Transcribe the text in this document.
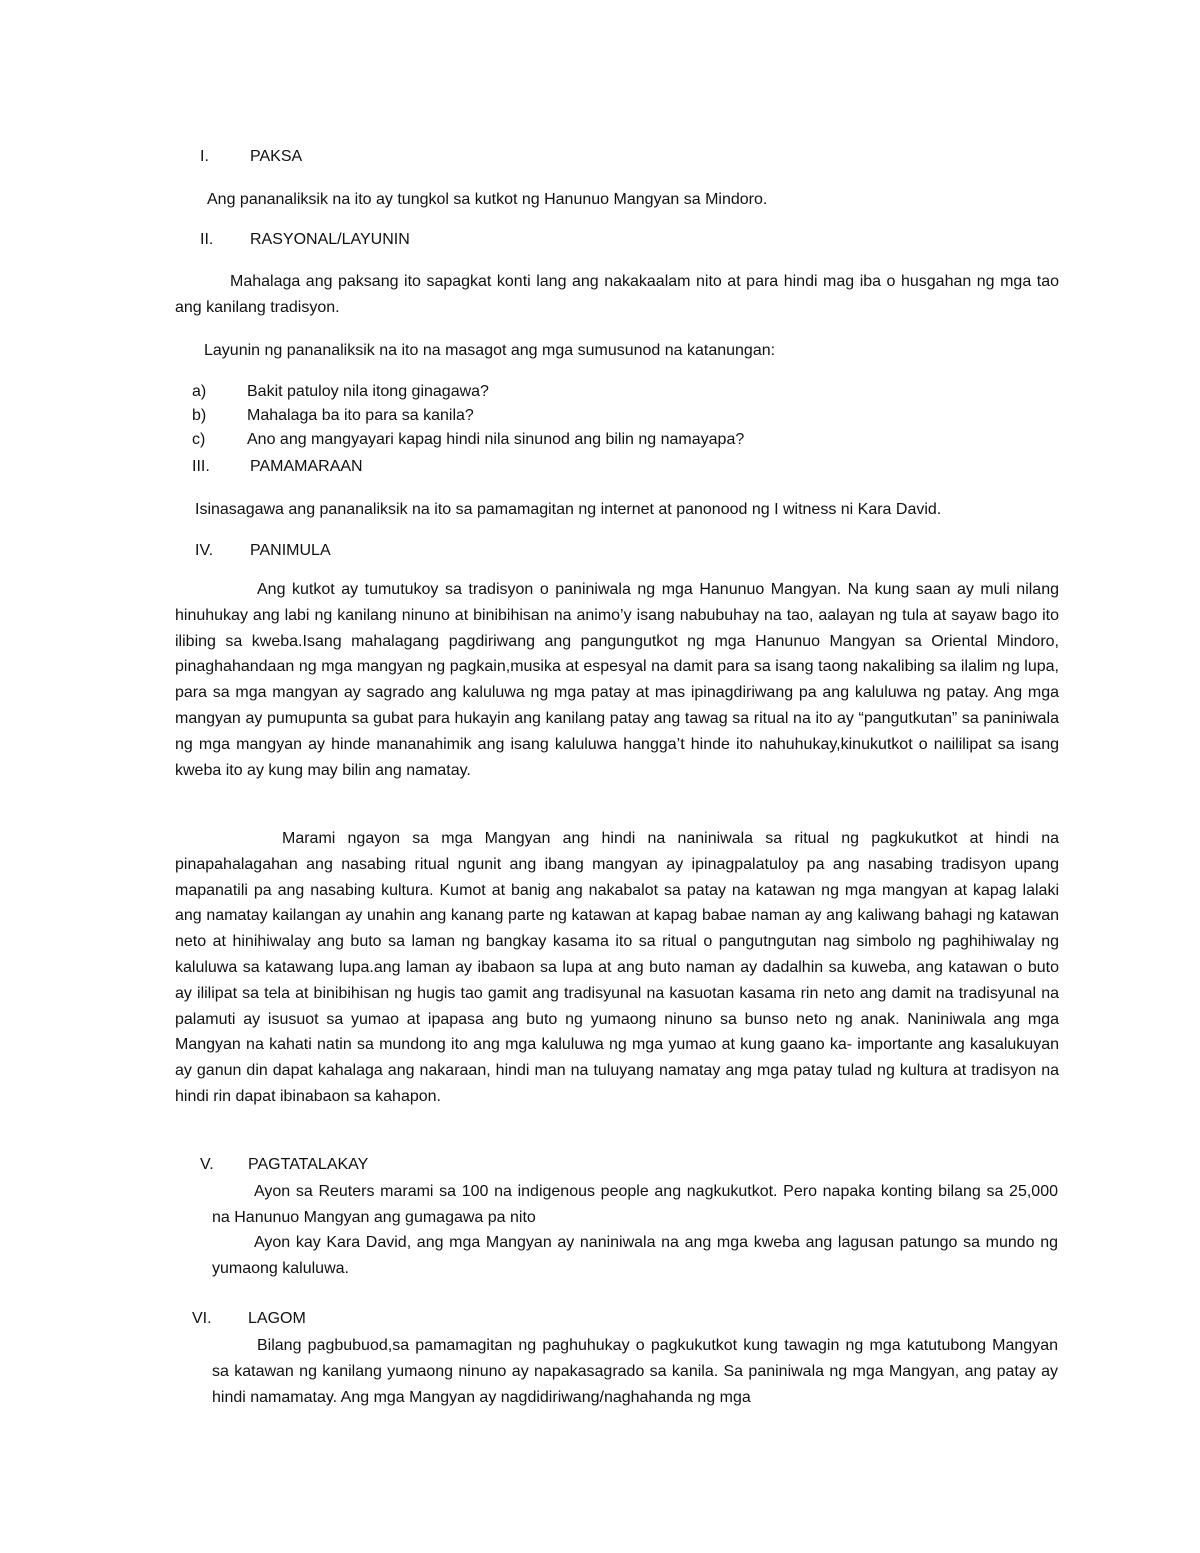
I.	PAKSA

Ang pananaliksik na ito ay tungkol sa kutkot ng Hanunuo Mangyan sa Mindoro.

II. RASYONAL/LAYUNIN

Mahalaga ang paksang ito sapagkat konti lang ang nakakaalam nito at para hindi mag iba o husgahan ng mga tao ang kanilang tradisyon.

Layunin ng pananaliksik na ito na masagot ang mga sumusunod na katanungan:

a)	Bakit patuloy nila itong ginagawa?
b)	Mahalaga ba ito para sa kanila?
c)	Ano ang mangyayari kapag hindi nila sinunod ang bilin ng namayapa?
III.	PAMAMARAAN

Isinasagawa ang pananaliksik na ito sa pamamagitan ng internet at panonood ng I witness ni Kara David.

IV. PANIMULA

Ang kutkot ay tumutukoy sa tradisyon o paniniwala ng mga Hanunuo Mangyan. Na kung saan ay muli nilang hinuhukay ang labi ng kanilang ninuno at binibihisan na animo’y isang nabubuhay na tao, aalayan ng tula at sayaw bago ito ilibing sa kweba.Isang mahalagang pagdiriwang ang pangungutkot ng mga Hanunuo Mangyan sa Oriental Mindoro, pinaghahandaan ng mga mangyan ng pagkain,musika at espesyal na damit para sa isang taong nakalibing sa ilalim ng lupa, para sa mga mangyan ay sagrado ang kaluluwa ng mga patay at mas ipinagdiriwang pa ang kaluluwa ng patay. Ang mga mangyan ay pumupunta sa gubat para hukayin ang kanilang patay ang tawag sa ritual na ito ay “pangutkutan” sa paniniwala ng mga mangyan ay hinde mananahimik ang isang kaluluwa hangga’t hinde ito nahuhukay,kinukutkot o naililipat sa isang kweba ito ay kung may bilin ang namatay.

Marami ngayon sa mga Mangyan ang hindi na naniniwala sa ritual ng pagkukutkot at hindi na pinapahalagahan ang nasabing ritual ngunit ang ibang mangyan ay ipinagpalatuloy pa ang nasabing tradisyon upang mapanatili pa ang nasabing kultura. Kumot at banig ang nakabalot sa patay na katawan ng mga mangyan at kapag lalaki ang namatay kailangan ay unahin ang kanang parte ng katawan at kapag babae naman ay ang kaliwang bahagi ng katawan neto at hinihiwalay ang buto sa laman ng bangkay kasama ito sa ritual o pangutngutan nag simbolo ng paghihiwalay ng kaluluwa sa katawang lupa.ang laman ay ibabaon sa lupa at ang buto naman ay dadalhin sa kuweba, ang katawan o buto ay ililipat sa tela at binibihisan ng hugis tao gamit ang tradisyunal na kasuotan kasama rin neto ang damit na tradisyunal na palamuti ay isusuot sa yumao at ipapasa ang buto ng yumaong ninuno sa bunso neto ng anak. Naniniwala ang mga Mangyan na kahati natin sa mundong ito ang mga kaluluwa ng mga yumao at kung gaano ka- importante ang kasalukuyan ay ganun din dapat kahalaga ang nakaraan, hindi man na tuluyang namatay ang mga patay tulad ng kultura at tradisyon na hindi rin dapat ibinabaon sa kahapon.

V. PAGTATALAKAY

Ayon sa Reuters marami sa 100 na indigenous people ang nagkukutkot. Pero napaka konting bilang sa 25,000 na Hanunuo Mangyan ang gumagawa pa nito

Ayon kay Kara David, ang mga Mangyan ay naniniwala na ang mga kweba ang lagusan patungo sa mundo ng yumaong kaluluwa.

VI. LAGOM

Bilang pagbubuod,sa pamamagitan ng paghuhukay o pagkukutkot kung tawagin ng mga katutubong Mangyan sa katawan ng kanilang yumaong ninuno ay napakasagrado sa kanila. Sa paniniwala ng mga Mangyan, ang patay ay hindi namamatay. Ang mga Mangyan ay nagdidiriwang/naghahanda ng mga
